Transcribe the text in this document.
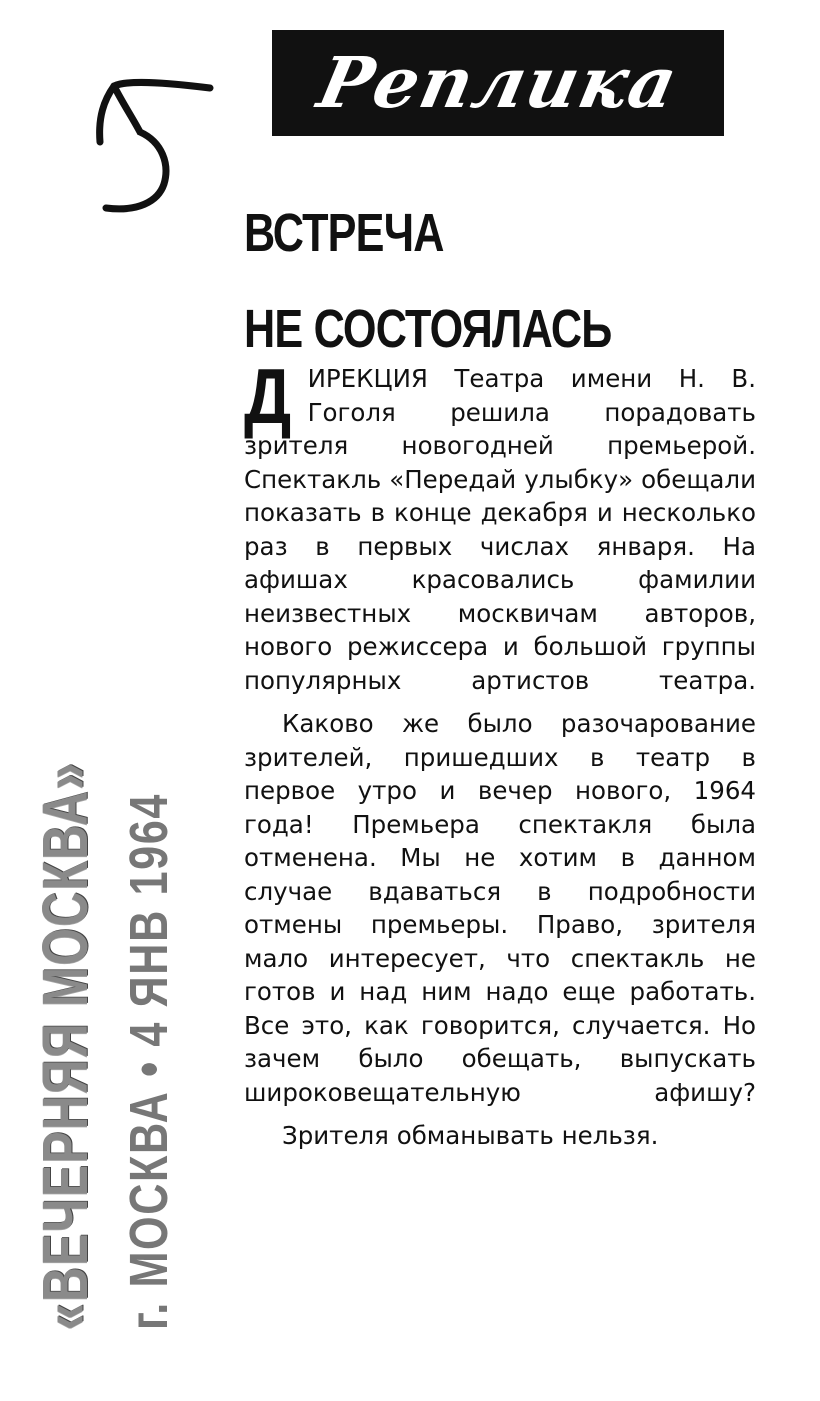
5	Реплика
ВСТРЕЧА
НЕ СОСТОЯЛАСЬ
«ВЕЧЕРНЯЯ МОСКВА» г. МОСКВА • 4 ЯНВ 1964

Д ИРЕКЦИЯ Театра имени Н. В. Гоголя решила порадовать зрителя новогодней премьерой. Спектакль «Передай улыбку» обещали показать в конце декабря и несколько раз в первых числах января. На афишах красовались фамилии неизвестных москвичам авторов, нового режиссера и большой группы популярных артистов театра.

Каково же было разочарование зрителей, пришедших в театр в первое утро и вечер нового, 1964 года! Премьера спектакля была отменена. Мы не хотим в данном случае вдаваться в подробности отмены премьеры. Право, зрителя мало интересует, что спектакль не готов и над ним надо еще работать. Все это, как говорится, случается. Но зачем было обещать, выпускать широковещательную афишу?

Зрителя обманывать нельзя.
